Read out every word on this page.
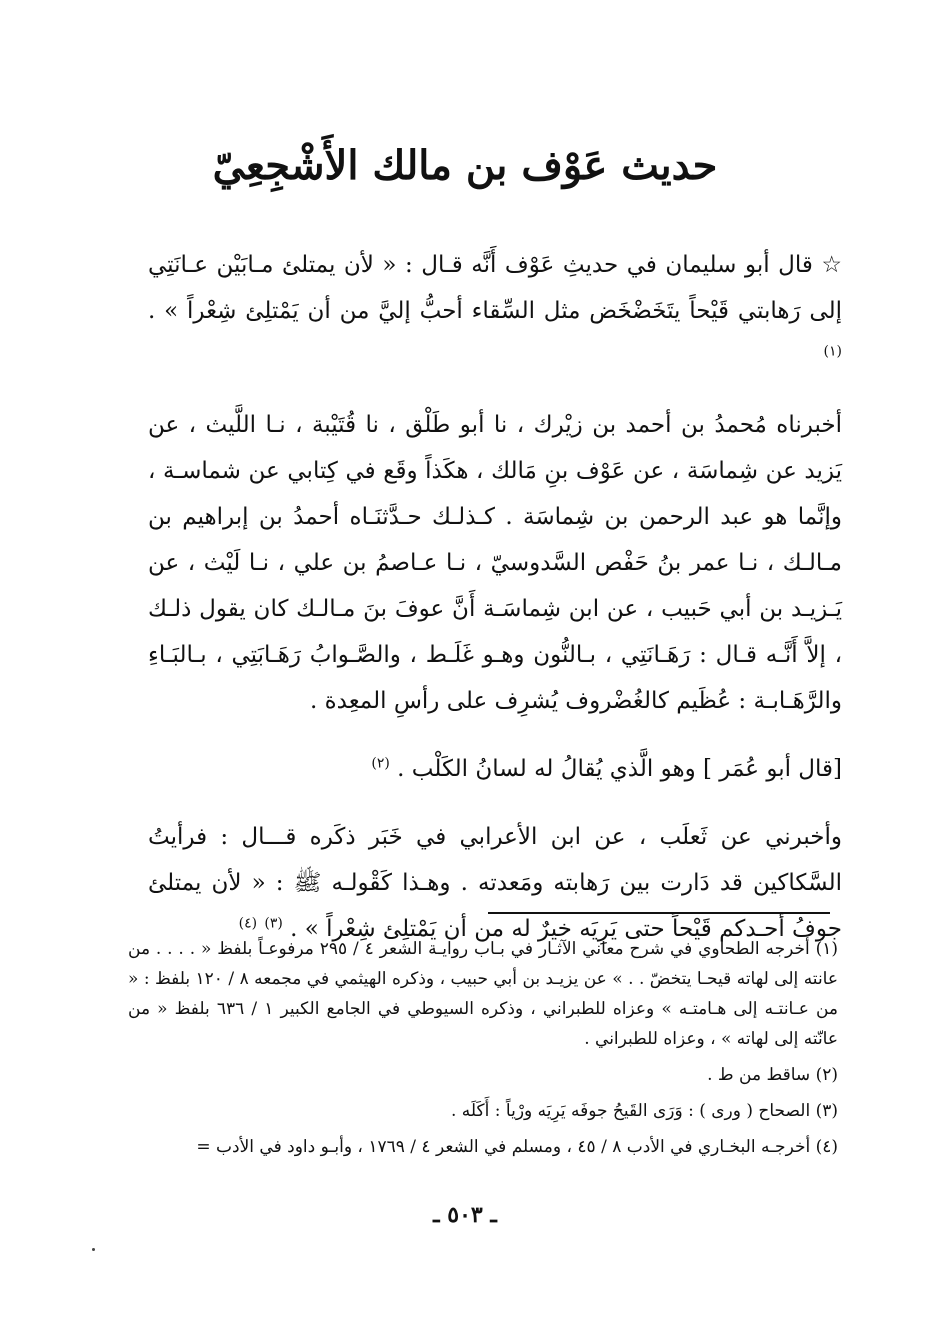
حديث عَوْف بن مالك الأَشْجِعِيّ

☆ قال أبو سليمان في حديثِ عَوْف أَنَّه قـال : « لأن يمتلئ مـابَيْن عـانَتِي إلى رَهابتي قَيْحاً يتَخَضْخَض مثل السِّقاء أحبُّ إليَّ من أن يَمْتلِئ شِعْراً » . $^{(١)}$

أخبرناه مُحمدُ بن أحمد بن زيْرك ، نا أبو طَلْق ، نا قُتَيْبة ، نـا اللَّيث ، عن يَزيد عن شِماسَة ، عن عَوْف بنِ مَالك ، هكَذاً وقَع في كِتابي عن شماسـة ، وإنَّما هو عبد الرحمن بن شِماسَة . كـذلـك حـدَّثنَـاه أحمدُ بن إبراهيم بن مـالـك ، نـا عمر بنُ حَفْص السَّدوسيّ ، نـا عـاصمُ بن علي ، نـا لَيْث ، عن يَـزيـد بن أبي حَبيب ، عن ابن شِماسَـة أَنَّ عوفَ بنَ مـالـك كان يقول ذلـك ، إلاَّ أَنَّـه قـال : رَهَـانَتِي ، بـالنُّون وهـو غَلَـط ، والصَّـوابُ رَهَـابَتِي ، بـالبَـاءِ والرَّهَـابـة : عُظَيم كالغُضْروف يُشرِف على رأسِ المعِدة .

[قال أبو عُمَر ] وهو الَّذي يُقالُ له لسانُ الكَلْب . $^{(٢)}$

وأخبرني عن ثَعلَب ، عن ابن الأعرابي في خَبَر ذكَره قـــال : فرأيتُ السَّكاكين قد دَارت بين رَهابته ومَعدته . وهـذا كَقْولـه ﷺ : « لأن يمتلئ جوفُ أحـدكم قَيْحاً حتى يَرِيَه خيرٌ له من أن يَمْتلِئ شِعْراً » . $^{(٣)}$ $^{(٤)}$

(١) أخرجه الطحاوي في شرح معاني الآثـار في بـاب روايـة الشعر ٤ / ٢٩٥ مرفوعـاً بلفظ « . . . . من عانته إلى لهاته قيحـا يتخضّ . . » عن يزيـد بن أبي حبيب ، وذكره الهيثمي في مجمعه ٨ / ١٢٠ بلفظ : « من عـانتـه إلى هـامتـه » وعزاه للطبراني ، وذكره السيوطي في الجامع الكبير ١ / ٦٣٦ بلفظ « من عانّته إلى لهاته » ، وعزاه للطبراني .

(٢) ساقط من ط .

(٣) الصحاح ( ورى ) : وَرَى القَيحُ جوفَه يَرِيَه ورْياً : أَكَلَه .

(٤) أخرجـه البخـاري في الأدب ٨ / ٤٥ ، ومسلم في الشعر ٤ / ١٧٦٩ ، وأبـو داود في الأدب =

ـ ٥٠٣ ـ
